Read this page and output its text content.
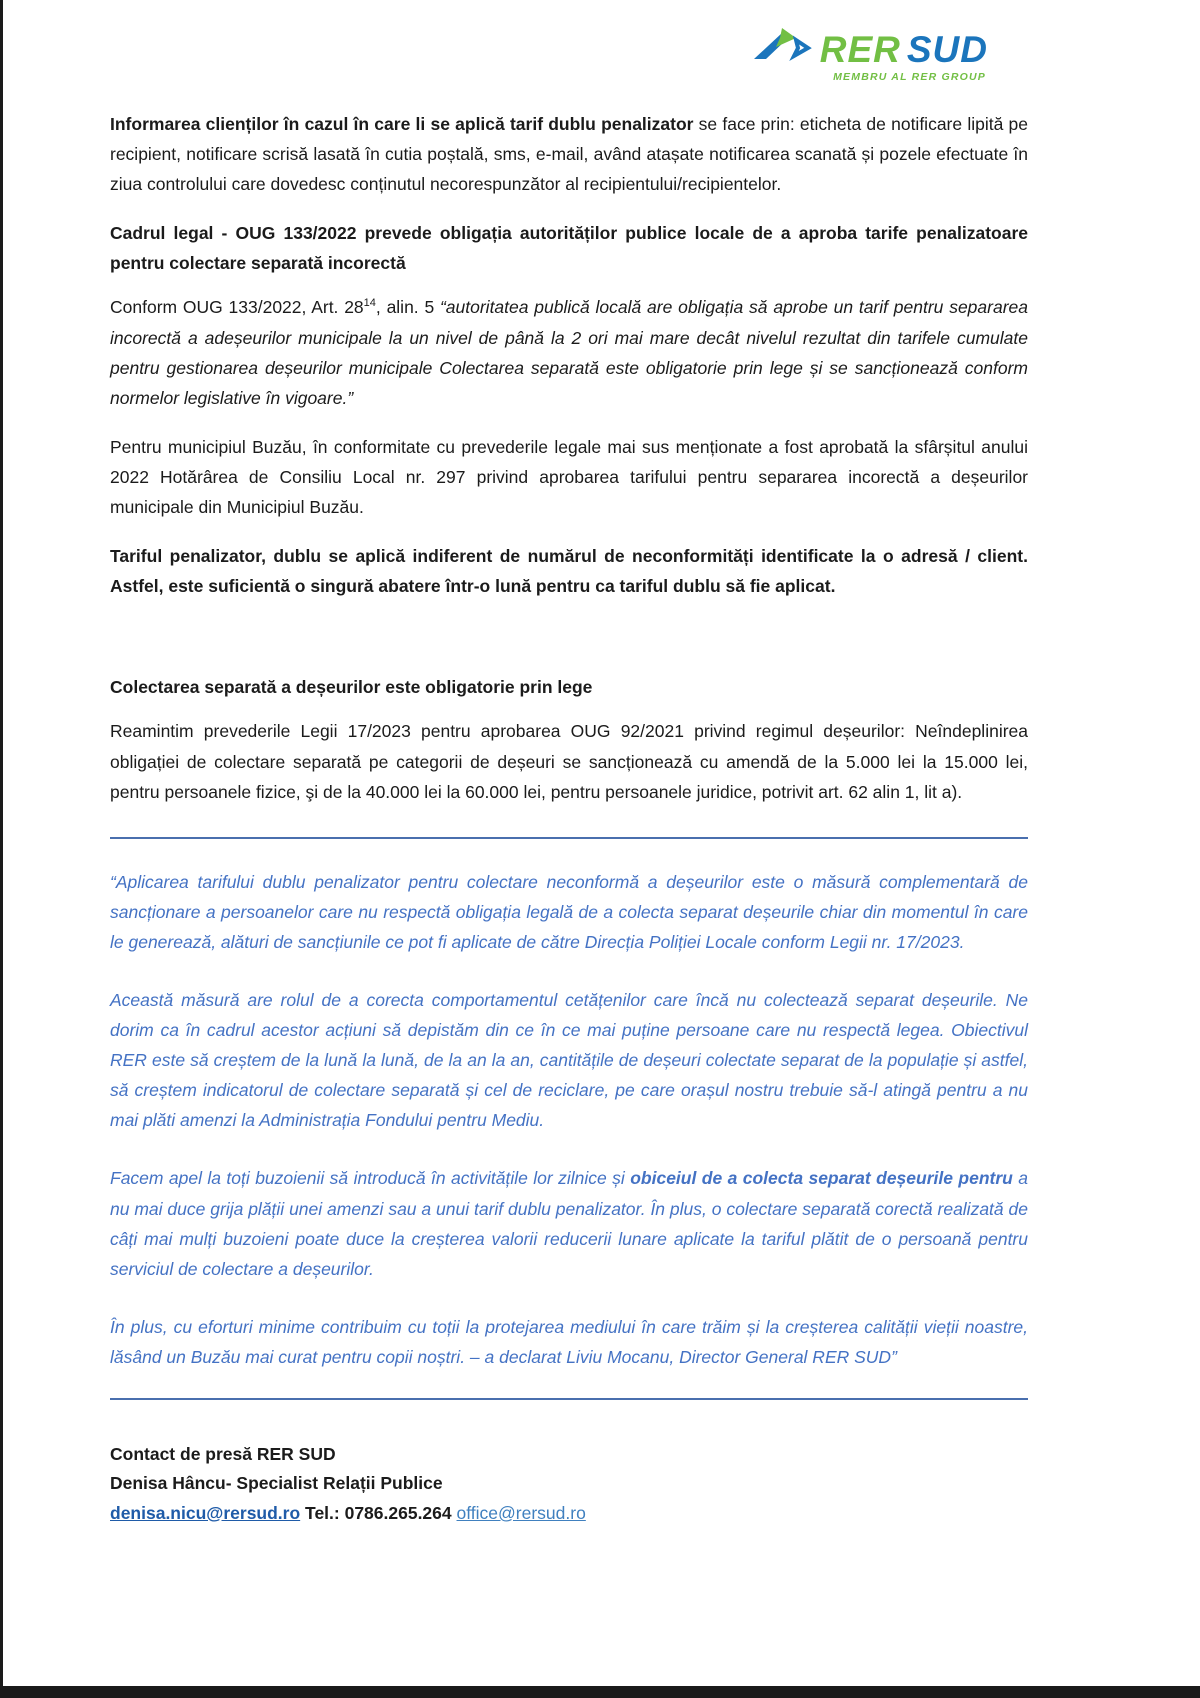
RER SUD
MEMBRU AL RER GROUP

Informarea clienților în cazul în care li se aplică tarif dublu penalizator se face prin: eticheta de notificare lipită pe recipient, notificare scrisă lasată în cutia poștală, sms, e-mail, având atașate notificarea scanată și pozele efectuate în ziua controlului care dovedesc conținutul necorespunzător al recipientului/recipientelor.

Cadrul legal - OUG 133/2022 prevede obligația autorităților publice locale de a aproba tarife penalizatoare pentru colectare separată incorectă

Conform OUG 133/2022, Art. $28^{14}$, alin. 5 “autoritatea publică locală are obligația să aprobe un tarif pentru separarea incorectă a adeșeurilor municipale la un nivel de până la 2 ori mai mare decât nivelul rezultat din tarifele cumulate pentru gestionarea deșeurilor municipale Colectarea separată este obligatorie prin lege și se sancționează conform normelor legislative în vigoare.”

Pentru municipiul Buzău, în conformitate cu prevederile legale mai sus menționate a fost aprobată la sfârșitul anului 2022 Hotărârea de Consiliu Local nr. 297 privind aprobarea tarifului pentru separarea incorectă a deșeurilor municipale din Municipiul Buzău.

Tariful penalizator, dublu se aplică indiferent de numărul de neconformități identificate la o adresă / client. Astfel, este suficientă o singură abatere într-o lună pentru ca tariful dublu să fie aplicat.

Colectarea separată a deșeurilor este obligatorie prin lege

Reamintim prevederile Legii 17/2023 pentru aprobarea OUG 92/2021 privind regimul deșeurilor: Neîndeplinirea obligației de colectare separată pe categorii de deșeuri se sancționează cu amendă de la 5.000 lei la 15.000 lei, pentru persoanele fizice, şi de la 40.000 lei la 60.000 lei, pentru persoanele juridice, potrivit art. 62 alin 1, lit a).

“Aplicarea tarifului dublu penalizator pentru colectare neconformă a deșeurilor este o măsură complementară de sancționare a persoanelor care nu respectă obligația legală de a colecta separat deșeurile chiar din momentul în care le generează, alături de sancțiunile ce pot fi aplicate de către Direcția Poliției Locale conform Legii nr. 17/2023.

Această măsură are rolul de a corecta comportamentul cetățenilor care încă nu colectează separat deșeurile. Ne dorim ca în cadrul acestor acțiuni să depistăm din ce în ce mai puține persoane care nu respectă legea. Obiectivul RER este să creștem de la lună la lună, de la an la an, cantitățile de deșeuri colectate separat de la populație și astfel, să creștem indicatorul de colectare separată și cel de reciclare, pe care orașul nostru trebuie să-l atingă pentru a nu mai plăti amenzi la Administrația Fondului pentru Mediu.

Facem apel la toți buzoienii să introducă în activitățile lor zilnice și obiceiul de a colecta separat deșeurile pentru a nu mai duce grija plății unei amenzi sau a unui tarif dublu penalizator. În plus, o colectare separată corectă realizată de câți mai mulți buzoieni poate duce la creșterea valorii reducerii lunare aplicate la tariful plătit de o persoană pentru serviciul de colectare a deșeurilor.

În plus, cu eforturi minime contribuim cu toții la protejarea mediului în care trăim și la creșterea calității vieții noastre, lăsând un Buzău mai curat pentru copii noștri. – a declarat Liviu Mocanu, Director General RER SUD”

Contact de presă RER SUD

Denisa Hâncu- Specialist Relații Publice

denisa.nicu@rersud.ro Tel.: 0786.265.264 office@rersud.ro
